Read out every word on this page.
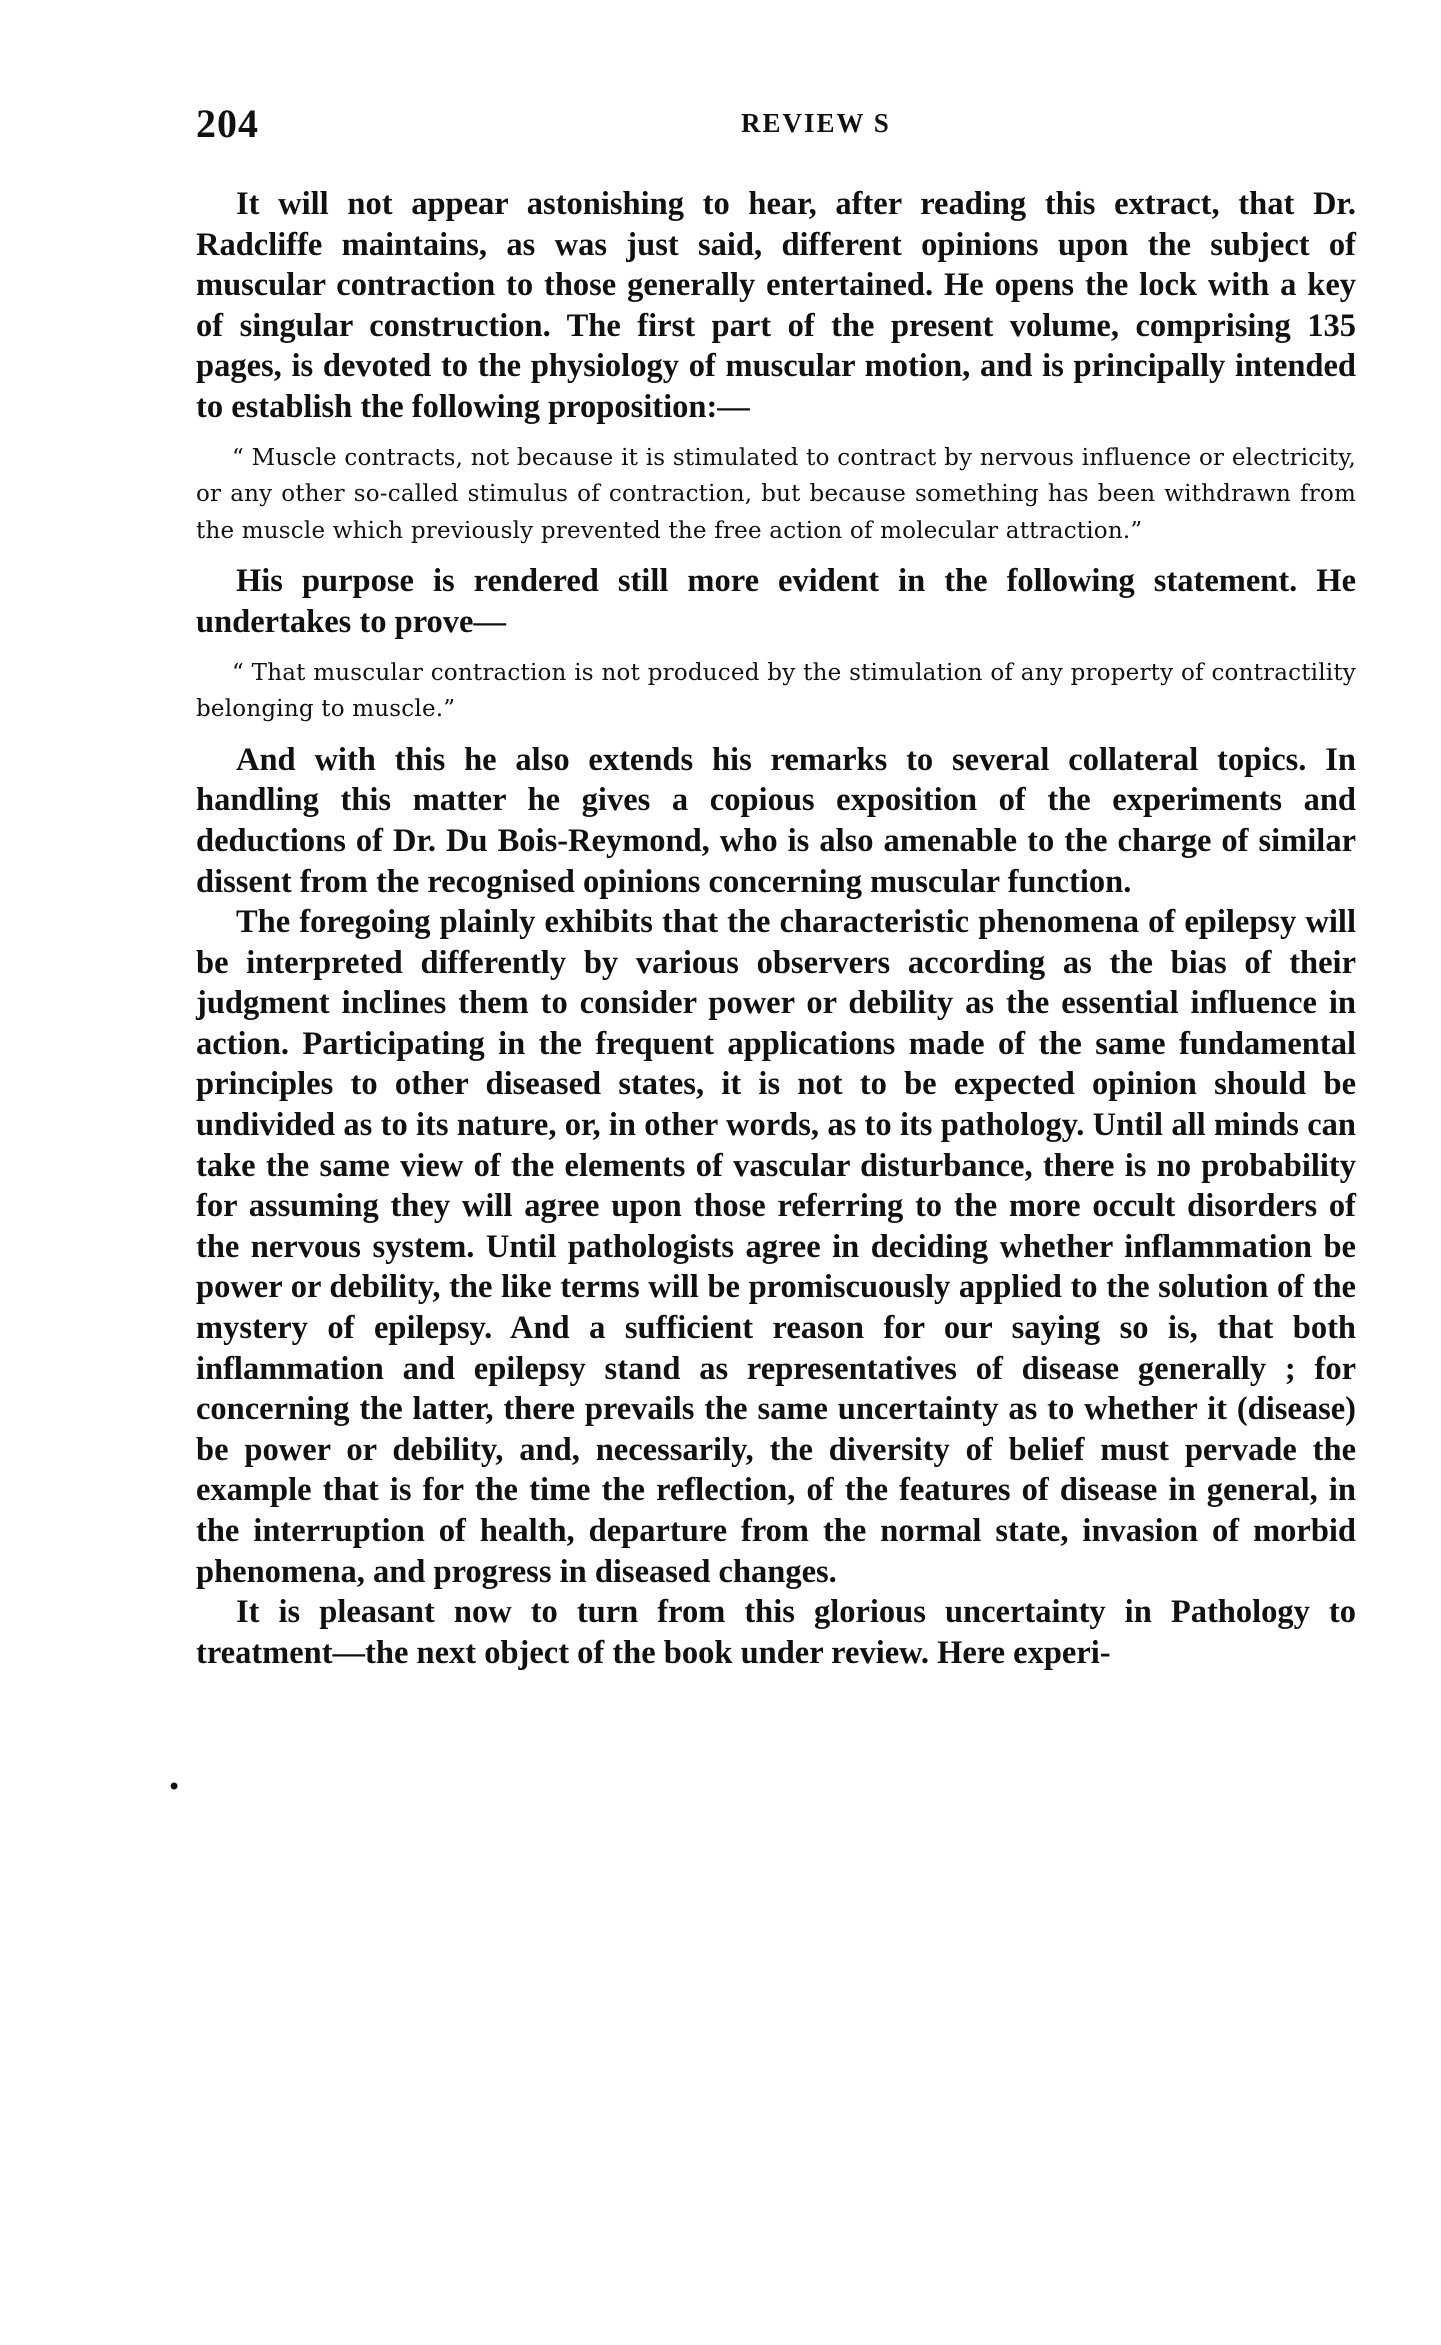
204	REVIEW S

It will not appear astonishing to hear, after reading this extract, that Dr. Radcliffe maintains, as was just said, different opinions upon the subject of muscular contraction to those generally entertained. He opens the lock with a key of singular construction. The first part of the present volume, comprising 135 pages, is devoted to the physiology of muscular motion, and is principally intended to establish the following proposition:—

“ Muscle contracts, not because it is stimulated to contract by nervous influence or electricity, or any other so-called stimulus of contraction, but because something has been withdrawn from the muscle which previously prevented the free action of molecular attraction.”

His purpose is rendered still more evident in the following statement. He undertakes to prove—

“ That muscular contraction is not produced by the stimulation of any property of contractility belonging to muscle.”

And with this he also extends his remarks to several collateral topics. In handling this matter he gives a copious exposition of the experiments and deductions of Dr. Du Bois-Reymond, who is also amenable to the charge of similar dissent from the recognised opinions concerning muscular function.

The foregoing plainly exhibits that the characteristic phenomena of epilepsy will be interpreted differently by various observers according as the bias of their judgment inclines them to consider power or debility as the essential influence in action. Participating in the frequent applications made of the same fundamental principles to other diseased states, it is not to be expected opinion should be undivided as to its nature, or, in other words, as to its pathology. Until all minds can take the same view of the elements of vascular disturbance, there is no probability for assuming they will agree upon those referring to the more occult disorders of the nervous system. Until pathologists agree in deciding whether inflammation be power or debility, the like terms will be promiscuously applied to the solution of the mystery of epilepsy. And a sufficient reason for our saying so is, that both inflammation and epilepsy stand as representatives of disease generally ; for concerning the latter, there prevails the same uncertainty as to whether it (disease) be power or debility, and, necessarily, the diversity of belief must pervade the example that is for the time the reflection, of the features of disease in general, in the interruption of health, departure from the normal state, invasion of morbid phenomena, and progress in diseased changes.

It is pleasant now to turn from this glorious uncertainty in Pathology to treatment—the next object of the book under review. Here experi-

•
